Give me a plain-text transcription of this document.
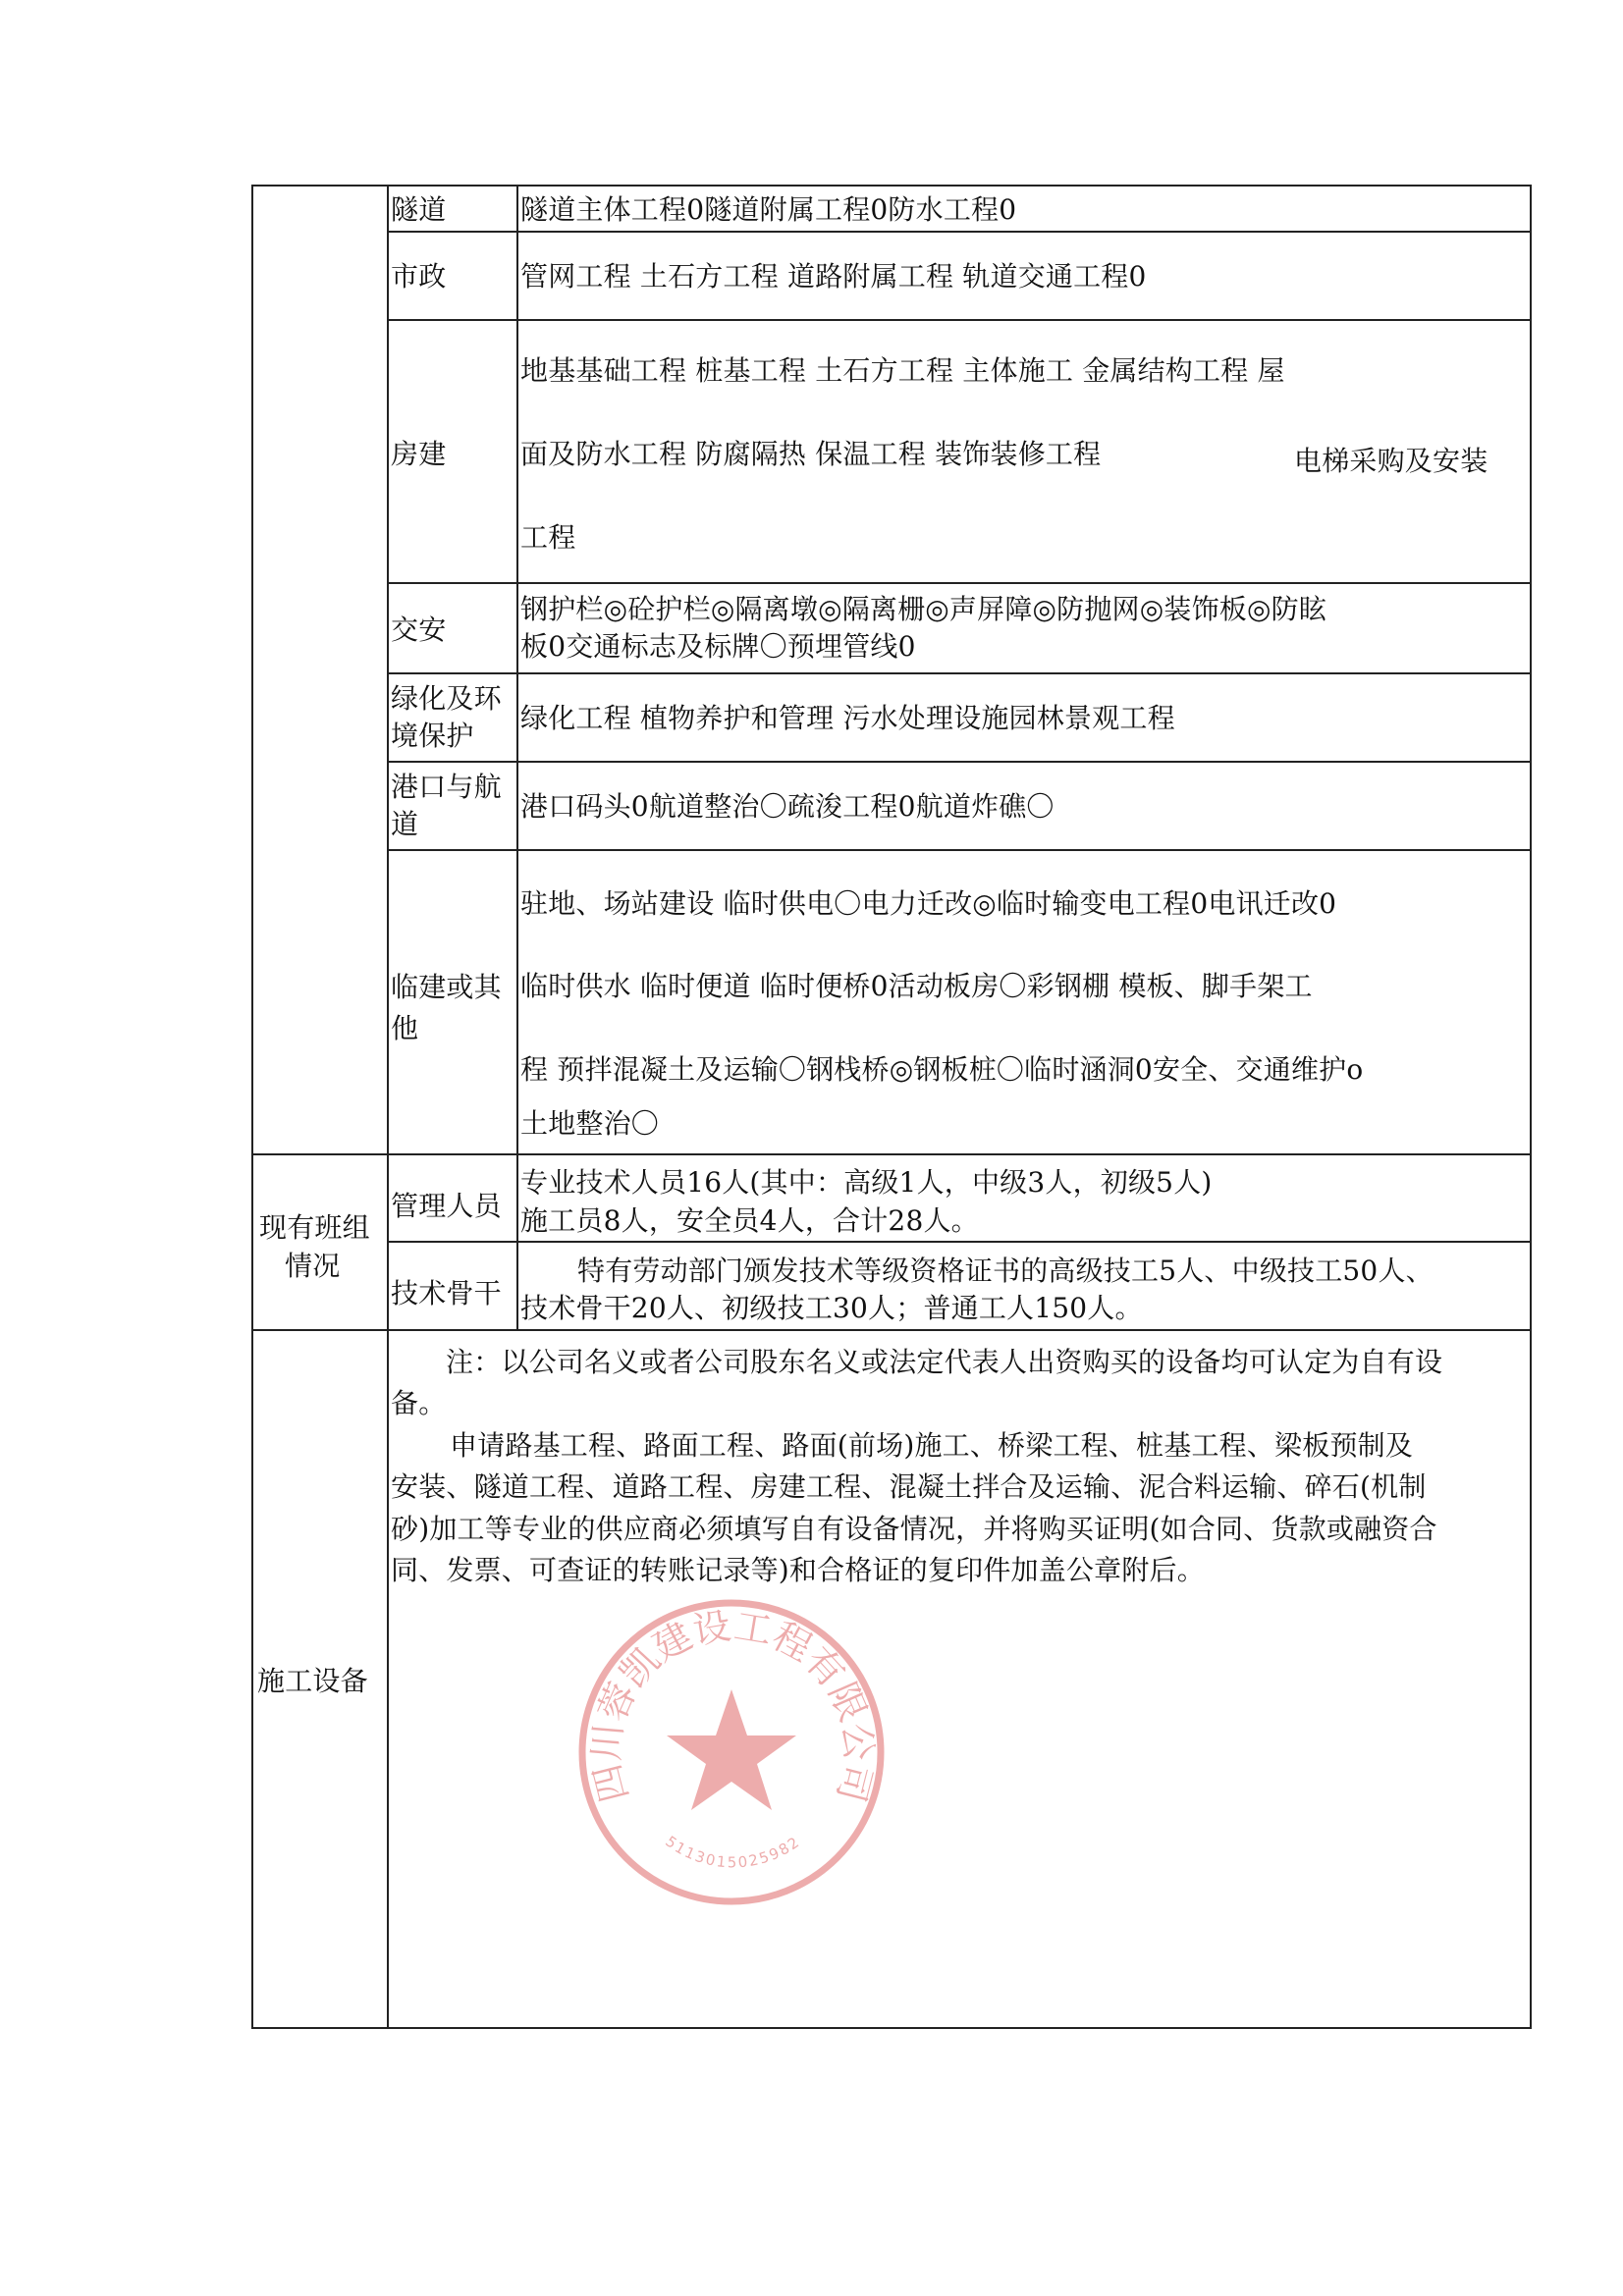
隧道
市政
房建
交安
绿化及环
境保护
港口与航
道
临建或其
他
隧道主体工程0隧道附属工程0防水工程0
管网工程 土石方工程 道路附属工程 轨道交通工程0
地基基础工程 桩基工程 土石方工程 主体施工 金属结构工程 屋
面及防水工程 防腐隔热 保温工程 装饰装修工程	电梯采购及安装
工程
钢护栏◎砼护栏◎隔离墩◎隔离栅◎声屏障◎防抛网◎装饰板◎防眩
板0交通标志及标牌〇预埋管线0
绿化工程 植物养护和管理 污水处理设施园林景观工程
港口码头0航道整治〇疏浚工程0航道炸礁〇
驻地、场站建设 临时供电〇电力迁改◎临时输变电工程0电讯迁改0
临时供水 临时便道 临时便桥0活动板房〇彩钢棚 模板、脚手架工
程 预拌混凝土及运输〇钢栈桥◎钢板桩〇临时涵洞0安全、交通维护o
土地整治〇
现有班组
情况
管理人员
专业技术人员16人(其中：高级1人，中级3人，初级5人)
施工员8人，安全员4人，合计28人。
技术骨干
特有劳动部门颁发技术等级资格证书的高级技工5人、中级技工50人、
技术骨干20人、初级技工30人；普通工人150人。
施工设备
注：以公司名义或者公司股东名义或法定代表人出资购买的设备均可认定为自有设
备。
申请路基工程、路面工程、路面(前场)施工、桥梁工程、桩基工程、梁板预制及
安装、隧道工程、道路工程、房建工程、混凝土拌合及运输、泥合料运输、碎石(机制
砂)加工等专业的供应商必须填写自有设备情况，并将购买证明(如合同、货款或融资合
同、发票、可查证的转账记录等)和合格证的复印件加盖公章附后。
四川蓉凯建设工程有限公司
5113015025982
